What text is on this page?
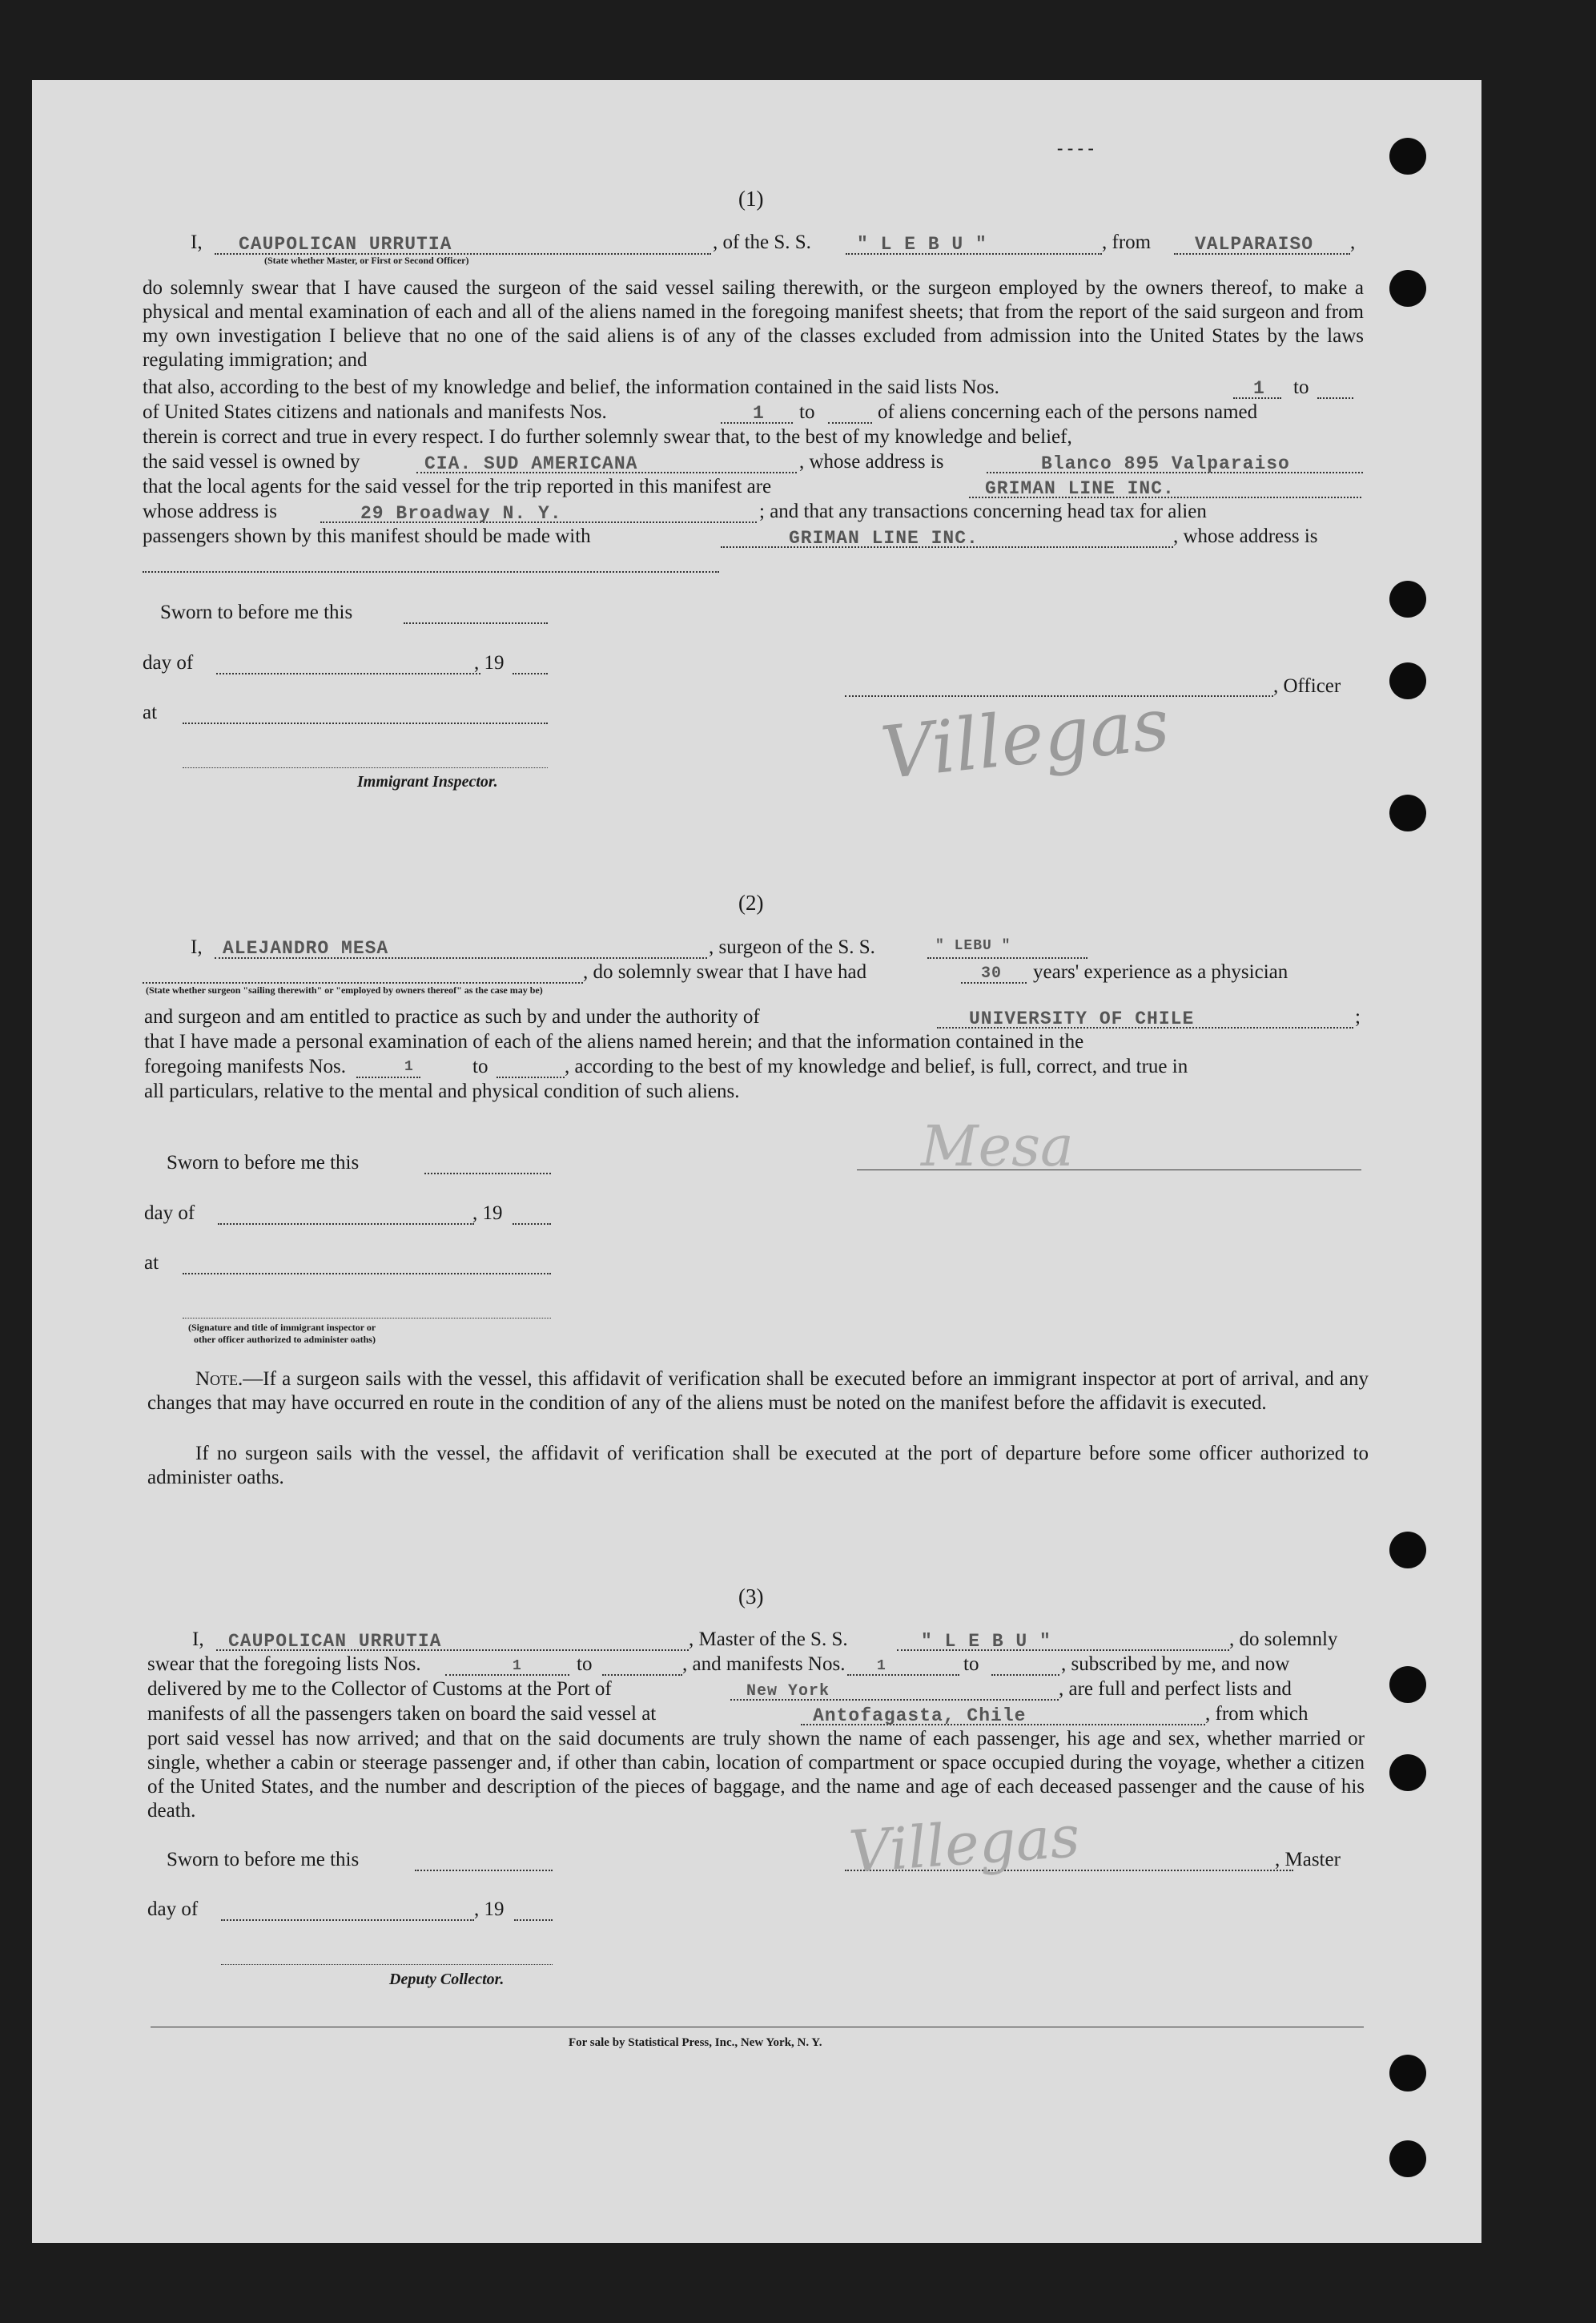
- - - -
(1)
I, CAUPOLICAN URRUTIA
(State whether Master, or First or Second Officer)
, of the S. S. " L E B U "	, from VALPARAISO ,
do solemnly swear that I have caused the surgeon of the said vessel sailing therewith, or the surgeon employed by the owners thereof, to make a physical and mental examination of each and all of the aliens named in the foregoing manifest sheets; that from the report of the said surgeon and from my own investigation I believe that no one of the said aliens is of any of the classes excluded from admission into the United States by the laws regulating immigration; and
that also, according to the best of my knowledge and belief, the information contained in the said lists Nos.	1 to
of United States citizens and nationals and manifests Nos.	1 to	of aliens concerning each of the persons named
therein is correct and true in every respect. I do further solemnly swear that, to the best of my knowledge and belief,
the said vessel is owned by	CIA. SUD AMERICANA	, whose address is	Blanco 895 Valparaiso
that the local agents for the said vessel for the trip reported in this manifest are	GRIMAN LINE INC.
whose address is	29 Broadway N. Y.	; and that any transactions concerning head tax for alien
passengers shown by this manifest should be made with	GRIMAN LINE INC.	, whose address is
Sworn to before me this
day of	, 19
at
Immigrant Inspector.
, Officer
Villegas
(2)
I, ALEJANDRO MESA	, surgeon of the S. S.	" LEBU "
, do solemnly swear that I have had	30 years' experience as a physician
(State whether surgeon "sailing therewith" or "employed by owners thereof" as the case may be)
and surgeon and am entitled to practice as such by and under the authority of	UNIVERSITY OF CHILE	;
that I have made a personal examination of each of the aliens named herein; and that the information contained in the
foregoing manifests Nos.	1	to	, according to the best of my knowledge and belief, is full, correct, and true in
all particulars, relative to the mental and physical condition of such aliens.
Sworn to before me this
day of	, 19
at
(Signature and title of immigrant inspector or
other officer authorized to administer oaths)
Mesa
Note.—If a surgeon sails with the vessel, this affidavit of verification shall be executed before an immigrant inspector at port of arrival, and any changes that may have occurred en route in the condition of any of the aliens must be noted on the manifest before the affidavit is executed.
If no surgeon sails with the vessel, the affidavit of verification shall be executed at the port of departure before some officer authorized to administer oaths.
(3)
I, CAUPOLICAN URRUTIA	, Master of the S. S.	" L E B U "	, do solemnly
swear that the foregoing lists Nos.	1	to	, and manifests Nos. 1	to	, subscribed by me, and now
delivered by me to the Collector of Customs at the Port of	New York	, are full and perfect lists and
manifests of all the passengers taken on board the said vessel at	Antofagasta, Chile	, from which
port said vessel has now arrived; and that on the said documents are truly shown the name of each passenger, his age and sex, whether married or single, whether a cabin or steerage passenger and, if other than cabin, location of compartment or space occupied during the voyage, whether a citizen of the United States, and the number and description of the pieces of baggage, and the name and age of each deceased passenger and the cause of his death.
Sworn to before me this
day of	, 19
Deputy Collector.
, Master
Villegas
For sale by Statistical Press, Inc., New York, N. Y.
